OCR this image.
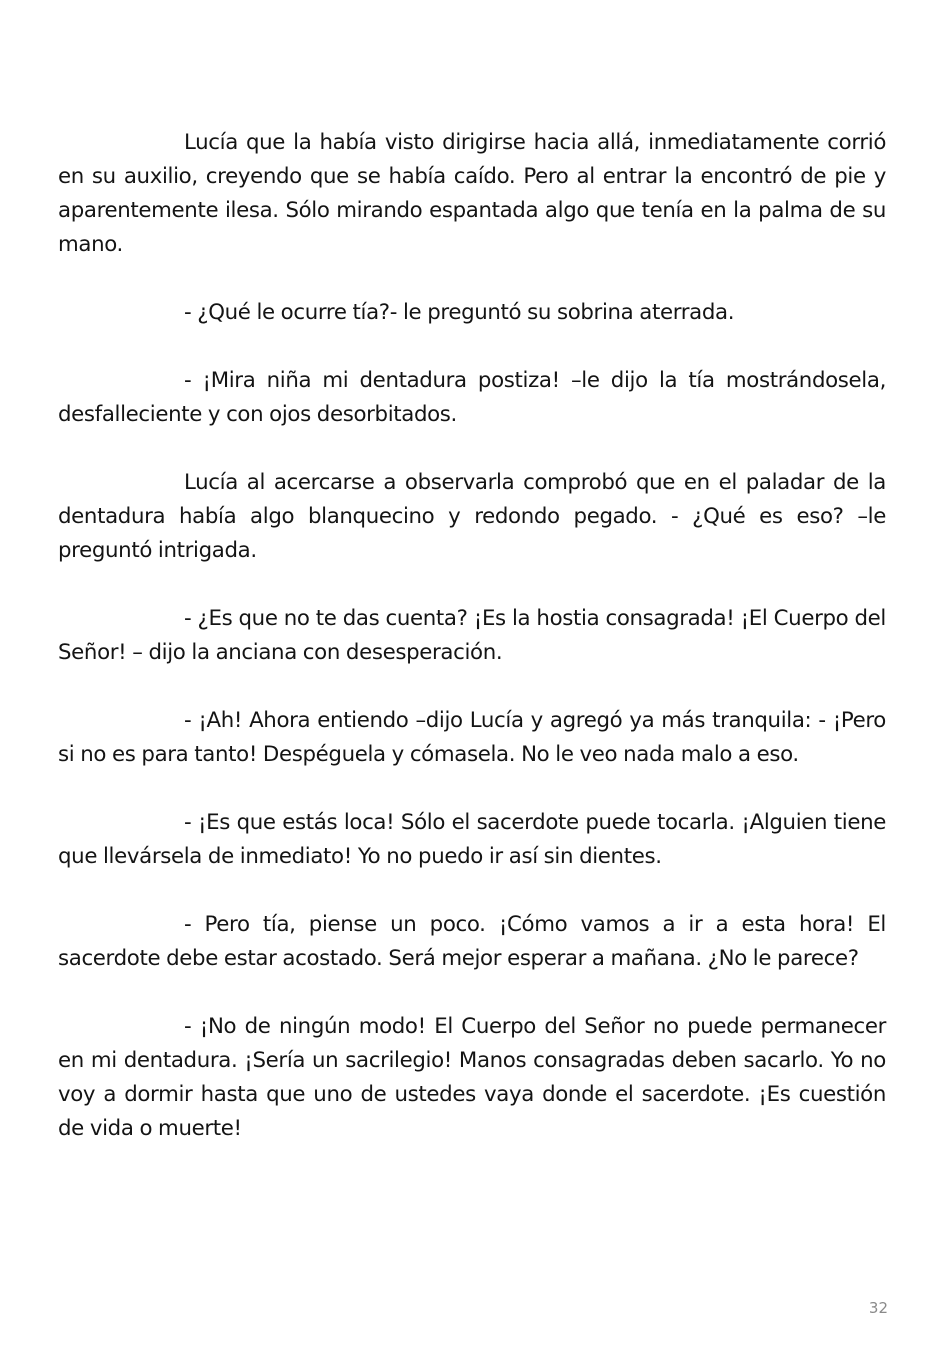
Lucía que la había visto dirigirse hacia allá, inmediatamente corrió en su auxilio, creyendo que se había caído. Pero al entrar la encontró de pie y aparentemente ilesa. Sólo mirando espantada algo que tenía en la palma de su mano.

- ¿Qué le ocurre tía?- le preguntó su sobrina aterrada.

- ¡Mira niña mi dentadura postiza! –le dijo la tía mostrándosela, desfalleciente y con ojos desorbitados.

Lucía al acercarse a observarla comprobó que en el paladar de la dentadura había algo blanquecino y redondo pegado. - ¿Qué es eso? –le preguntó intrigada.

- ¿Es que no te das cuenta? ¡Es la hostia consagrada! ¡El Cuerpo del Señor! – dijo la anciana con desesperación.

- ¡Ah! Ahora entiendo –dijo Lucía y agregó ya más tranquila: - ¡Pero si no es para tanto! Despéguela y cómasela. No le veo nada malo a eso.

- ¡Es que estás loca! Sólo el sacerdote puede tocarla. ¡Alguien tiene que llevársela de inmediato! Yo no puedo ir así sin dientes.

- Pero tía, piense un poco. ¡Cómo vamos a ir a esta hora! El sacerdote debe estar acostado. Será mejor esperar a mañana. ¿No le parece?

- ¡No de ningún modo! El Cuerpo del Señor no puede permanecer en mi dentadura. ¡Sería un sacrilegio! Manos consagradas deben sacarlo. Yo no voy a dormir hasta que uno de ustedes vaya donde el sacerdote. ¡Es cuestión de vida o muerte!

32
